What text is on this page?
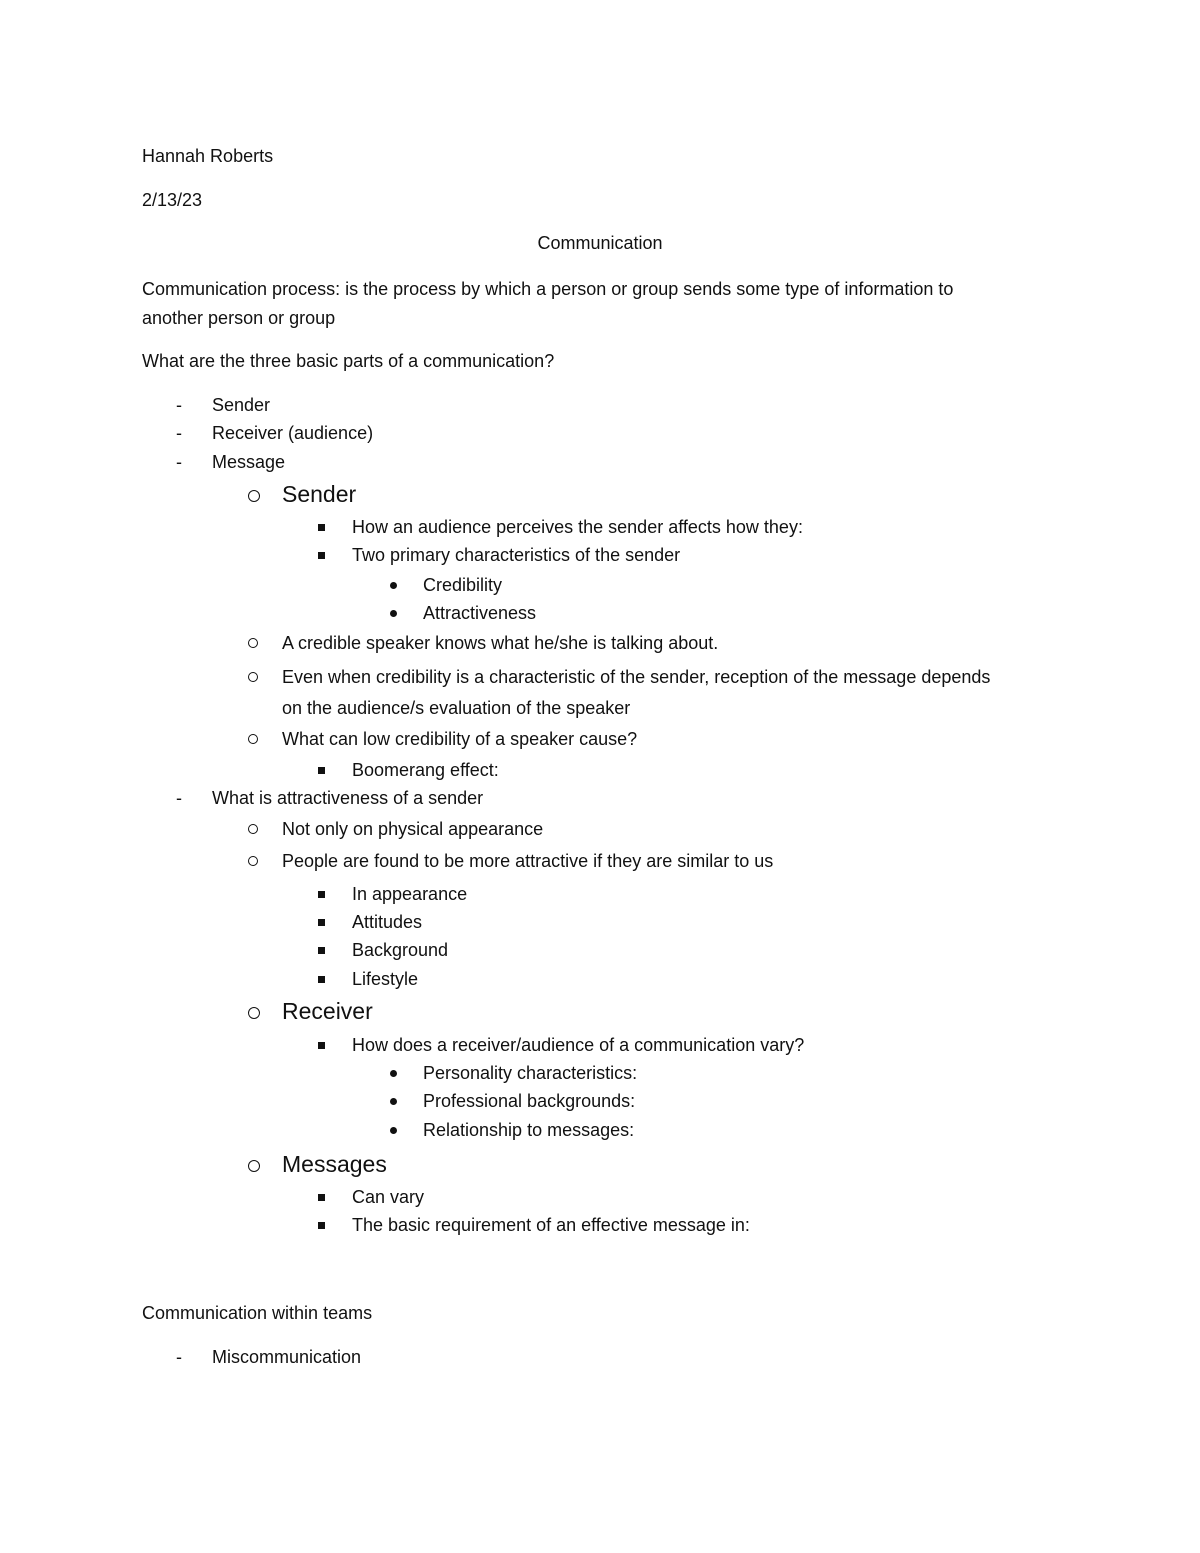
Hannah Roberts
2/13/23
Communication
Communication process: is the process by which a person or group sends some type of information to
another person or group
What are the three basic parts of a communication?
- Sender
- Receiver (audience)
- Message
Sender
How an audience perceives the sender affects how they:
Two primary characteristics of the sender
Credibility
Attractiveness
A credible speaker knows what he/she is talking about.
Even when credibility is a characteristic of the sender, reception of the message depends
on the audience/s evaluation of the speaker
What can low credibility of a speaker cause?
Boomerang effect:
- What is attractiveness of a sender
Not only on physical appearance
People are found to be more attractive if they are similar to us
In appearance
Attitudes
Background
Lifestyle
Receiver
How does a receiver/audience of a communication vary?
Personality characteristics:
Professional backgrounds:
Relationship to messages:
Messages
Can vary
The basic requirement of an effective message in:
Communication within teams
- Miscommunication
